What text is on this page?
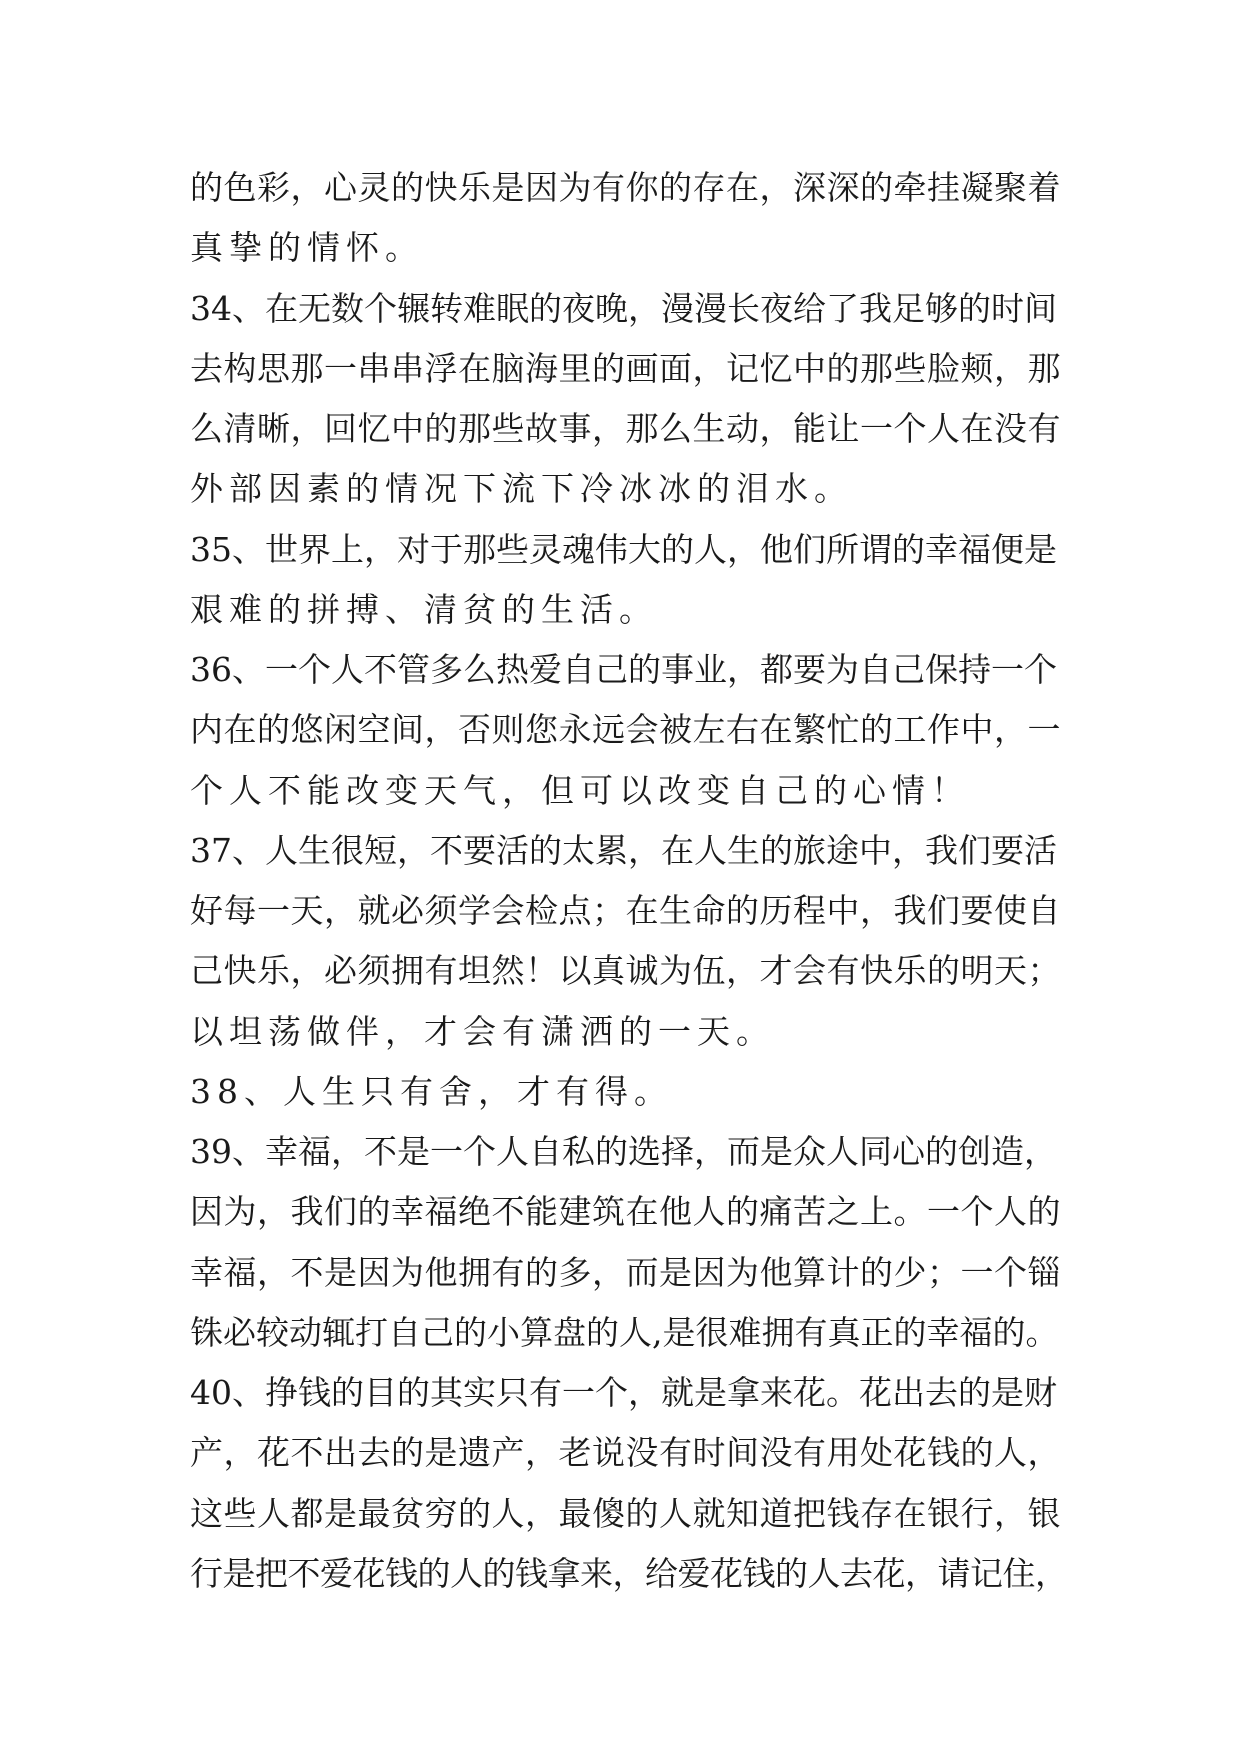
的色彩，心灵的快乐是因为有你的存在，深深的牵挂凝聚着
真挚的情怀。
34、在无数个辗转难眠的夜晚，漫漫长夜给了我足够的时间
去构思那一串串浮在脑海里的画面，记忆中的那些脸颊，那
么清晰，回忆中的那些故事，那么生动，能让一个人在没有
外部因素的情况下流下冷冰冰的泪水。
35、世界上，对于那些灵魂伟大的人，他们所谓的幸福便是
艰难的拼搏、清贫的生活。
36、一个人不管多么热爱自己的事业，都要为自己保持一个
内在的悠闲空间，否则您永远会被左右在繁忙的工作中，一
个人不能改变天气，但可以改变自己的心情！
37、人生很短，不要活的太累，在人生的旅途中，我们要活
好每一天，就必须学会检点；在生命的历程中，我们要使自
己快乐，必须拥有坦然！以真诚为伍，才会有快乐的明天；
以坦荡做伴，才会有潇洒的一天。
38、人生只有舍，才有得。
39、幸福，不是一个人自私的选择，而是众人同心的创造，
因为，我们的幸福绝不能建筑在他人的痛苦之上。一个人的
幸福，不是因为他拥有的多，而是因为他算计的少；一个锱
铢必较动辄打自己的小算盘的人,是很难拥有真正的幸福的。
40、挣钱的目的其实只有一个，就是拿来花。花出去的是财
产，花不出去的是遗产，老说没有时间没有用处花钱的人，
这些人都是最贫穷的人，最傻的人就知道把钱存在银行，银
行是把不爱花钱的人的钱拿来，给爱花钱的人去花，请记住，
